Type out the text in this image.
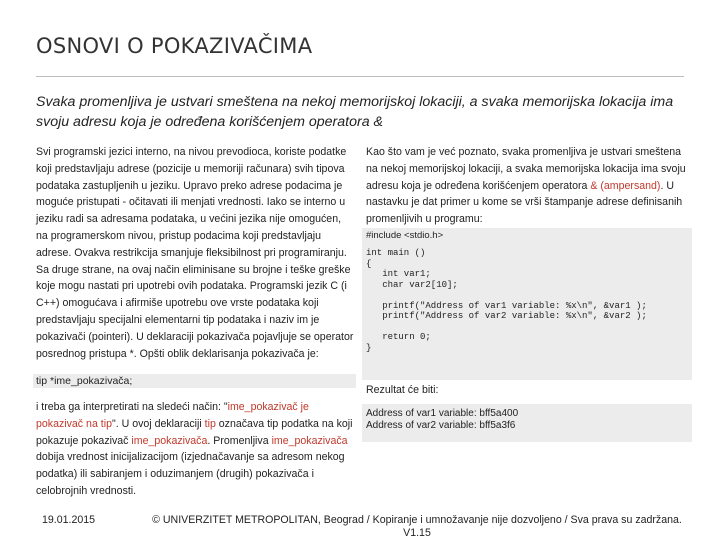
OSNOVI O POKAZIVAČIMA
Svaka promenljiva je ustvari smeštena na nekoj memorijskoj lokaciji, a svaka memorijska lokacija ima svoju adresu koja je određena korišćenjem operatora &
Svi programski jezici interno, na nivou prevodioca, koriste podatke koji predstavljaju adrese (pozicije u memoriji računara) svih tipova podataka zastupljenih u jeziku. Upravo preko adrese podacima je moguće pristupati - očitavati ili menjati vrednosti. Iako se interno u jeziku radi sa adresama podataka, u većini jezika nije omogućen, na programerskom nivou, pristup podacima koji predstavljaju adrese. Ovakva restrikcija smanjuje fleksibilnost pri programiranju. Sa druge strane, na ovaj način eliminisane su brojne i teške greške koje mogu nastati pri upotrebi ovih podataka. Programski jezik C (i C++) omogućava i afirmiše upotrebu ove vrste podataka koji predstavljaju specijalni elementarni tip podataka i naziv im je pokazivači (pointeri). U deklaraciji pokazivača pojavljuje se operator posrednog pristupa *. Opšti oblik deklarisanja pokazivača je:
tip *ime_pokazivača;
i treba ga interpretirati na sledeći način: "ime_pokazivač je pokazivač na tip". U ovoj deklaraciji tip označava tip podatka na koji pokazuje pokazivač ime_pokazivača. Promenljiva ime_pokazivača dobija vrednost inicijalizacijom (izjednačavanje sa adresom nekog podatka) ili sabiranjem i oduzimanjem (drugih) pokazivača i celobrojnih vrednosti.
Kao što vam je već poznato, svaka promenljiva je ustvari smeštena na nekoj memorijskoj lokaciji, a svaka memorijska lokacija ima svoju adresu koja je određena korišćenjem operatora & (ampersand). U nastavku je dat primer u kome se vrši štampanje adrese definisanih promenljivih u programu:
#include <stdio.h>
int main ()
{
int var1;
char var2[10];

printf("Address of var1 variable: %x\n", &var1 );
printf("Address of var2 variable: %x\n", &var2 );

return 0;
}
Rezultat će biti:
Address of var1 variable: bff5a400
Address of var2 variable: bff5a3f6
19.01.2015	© UNIVERZITET METROPOLITAN, Beograd / Kopiranje i umnožavanje nije dozvoljeno / Sva prava su zadržana. V1.15
